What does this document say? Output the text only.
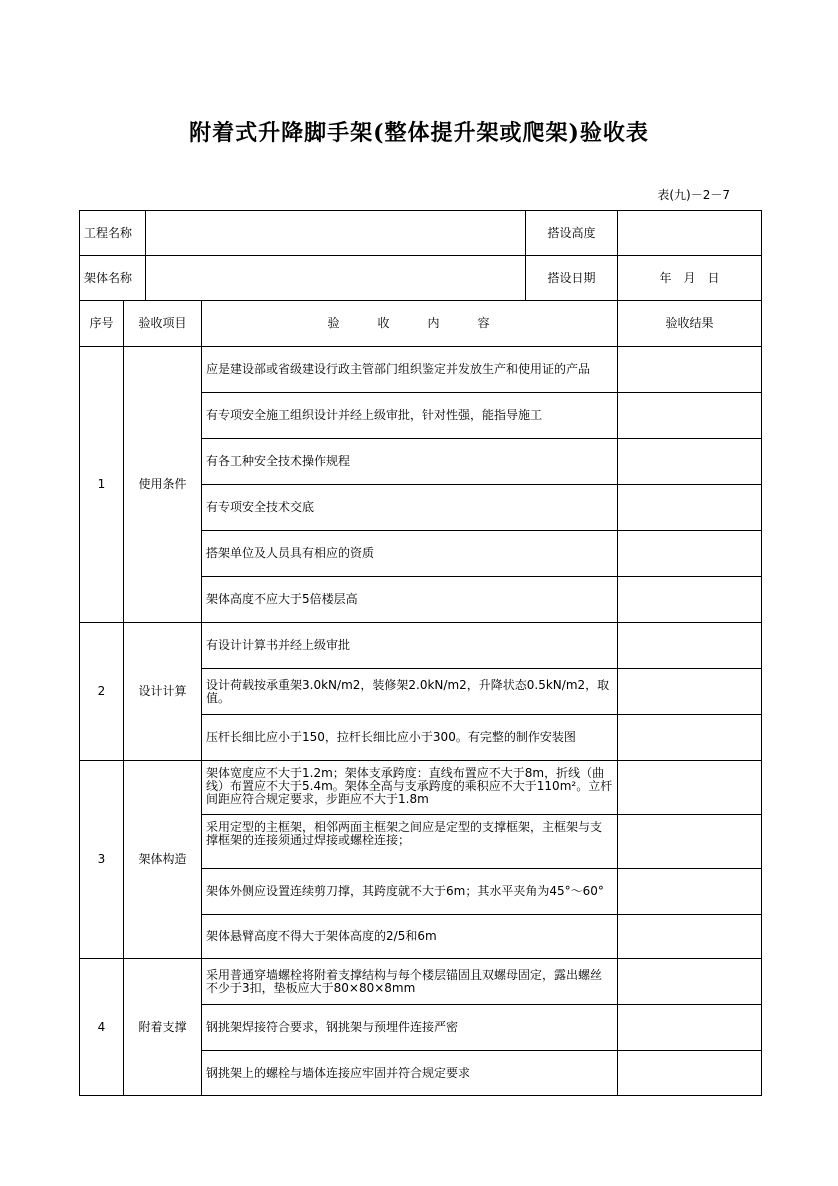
附着式升降脚手架(整体提升架或爬架)验收表
表(九)－2－7
工程名称				搭设高度	
架体名称				搭设日期	年　月　日
序号	验收项目		验收内容		验收结果
1	使用条件		应是建设部或省级建设行政主管部门组织鉴定并发放生产和使用证的产品		
			有专项安全施工组织设计并经上级审批，针对性强，能指导施工		
			有各工种安全技术操作规程		
			有专项安全技术交底		
			搭架单位及人员具有相应的资质		
			架体高度不应大于5倍楼层高		
2	设计计算		有设计计算书并经上级审批		
			设计荷载按承重架3.0kN/m2，装修架2.0kN/m2，升降状态0.5kN/m2，取值。		
			压杆长细比应小于150，拉杆长细比应小于300。有完整的制作安装图		
3	架体构造		架体宽度应不大于1.2m；架体支承跨度：直线布置应不大于8m，折线（曲线）布置应不大于5.4m。架体全高与支承跨度的乘积应不大于110m²。立杆间距应符合规定要求，步距应不大于1.8m		
			采用定型的主框架，相邻两面主框架之间应是定型的支撑框架，主框架与支撑框架的连接须通过焊接或螺栓连接；		
			架体外侧应设置连续剪刀撑，其跨度就不大于6m；其水平夹角为45°～60°		
			架体悬臂高度不得大于架体高度的2/5和6m		
4	附着支撑		采用普通穿墙螺栓将附着支撑结构与每个楼层锚固且双螺母固定，露出螺丝不少于3扣，垫板应大于80×80×8mm		
			钢挑架焊接符合要求，钢挑架与预埋件连接严密		
			钢挑架上的螺栓与墙体连接应牢固并符合规定要求		
